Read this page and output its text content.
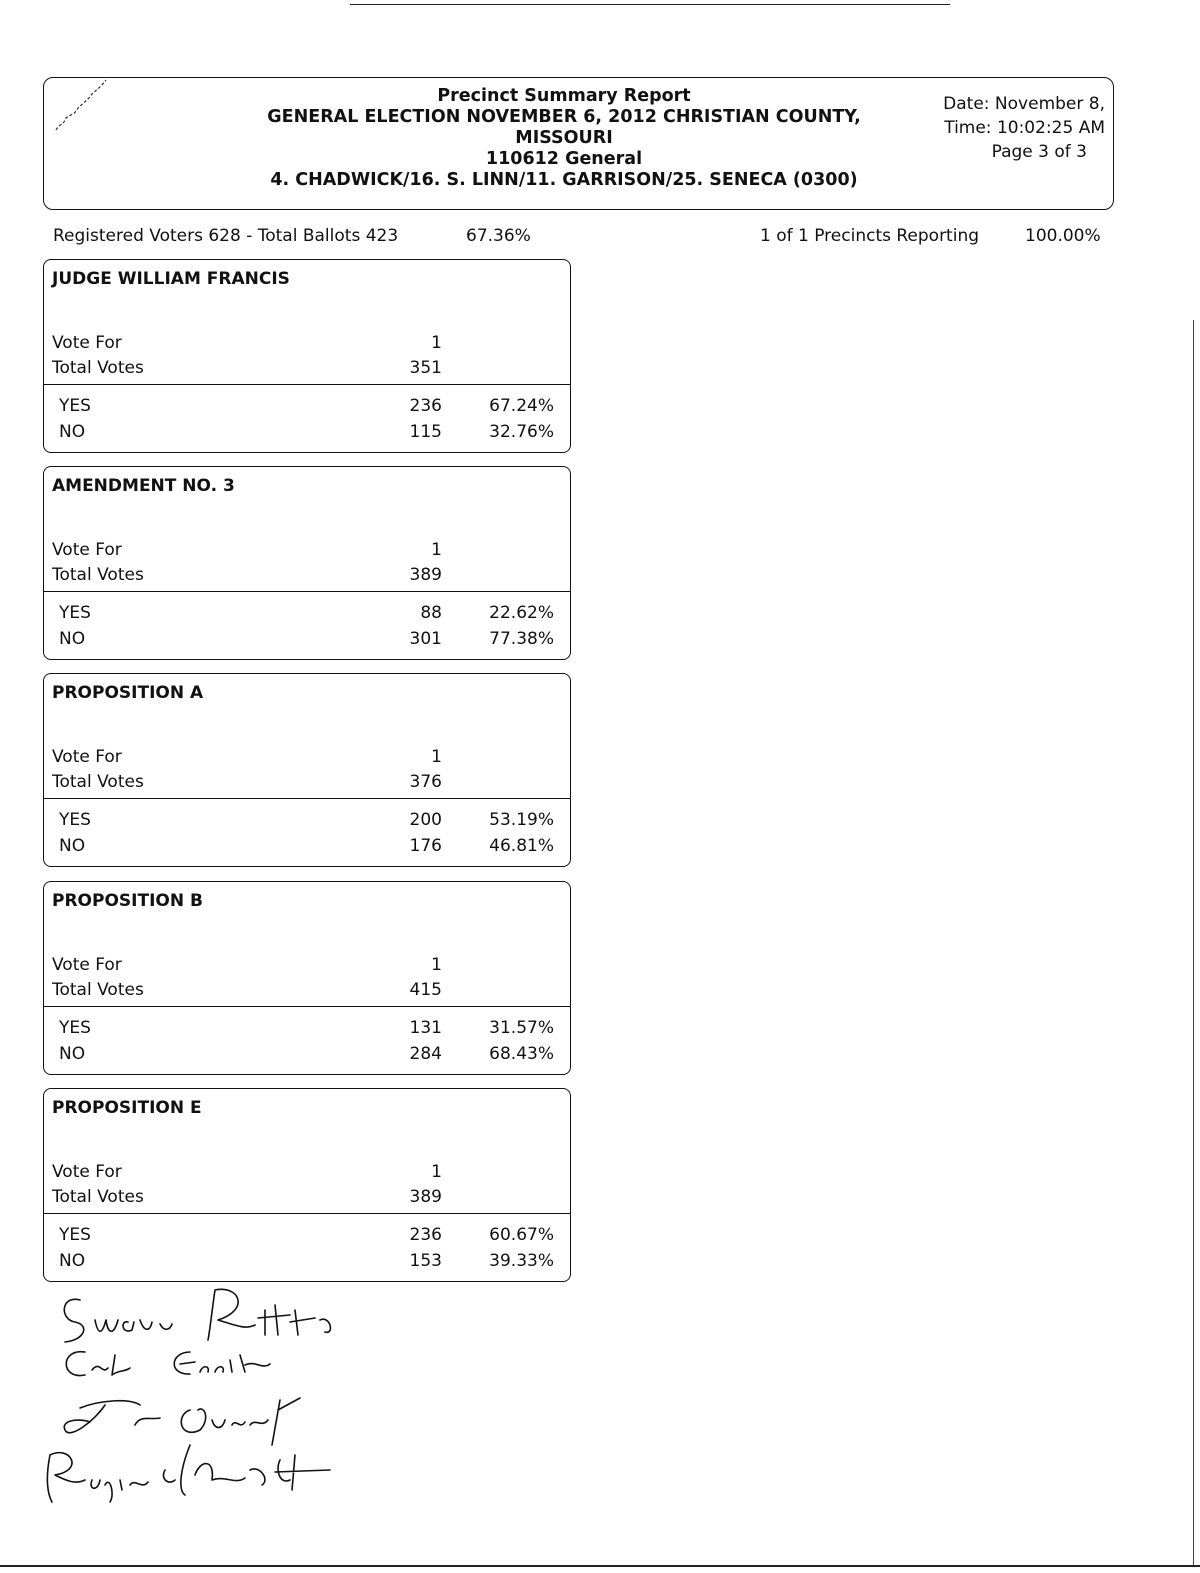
Precinct Summary Report
GENERAL ELECTION NOVEMBER 6, 2012 CHRISTIAN COUNTY,
MISSOURI
110612 General
4. CHADWICK/16. S. LINN/11. GARRISON/25. SENECA (0300)
Date: November 8,
Time: 10:02:25 AM
Page 3 of 3
Registered Voters 628 - Total Ballots 423	67.36%	1 of 1 Precincts Reporting	100.00%
JUDGE WILLIAM FRANCIS
Vote For	1
Total Votes	351
YES	236	67.24%
NO	115	32.76%
AMENDMENT NO. 3
Vote For	1
Total Votes	389
YES	88	22.62%
NO	301	77.38%
PROPOSITION A
Vote For	1
Total Votes	376
YES	200	53.19%
NO	176	46.81%
PROPOSITION B
Vote For	1
Total Votes	415
YES	131	31.57%
NO	284	68.43%
PROPOSITION E
Vote For	1
Total Votes	389
YES	236	60.67%
NO	153	39.33%
